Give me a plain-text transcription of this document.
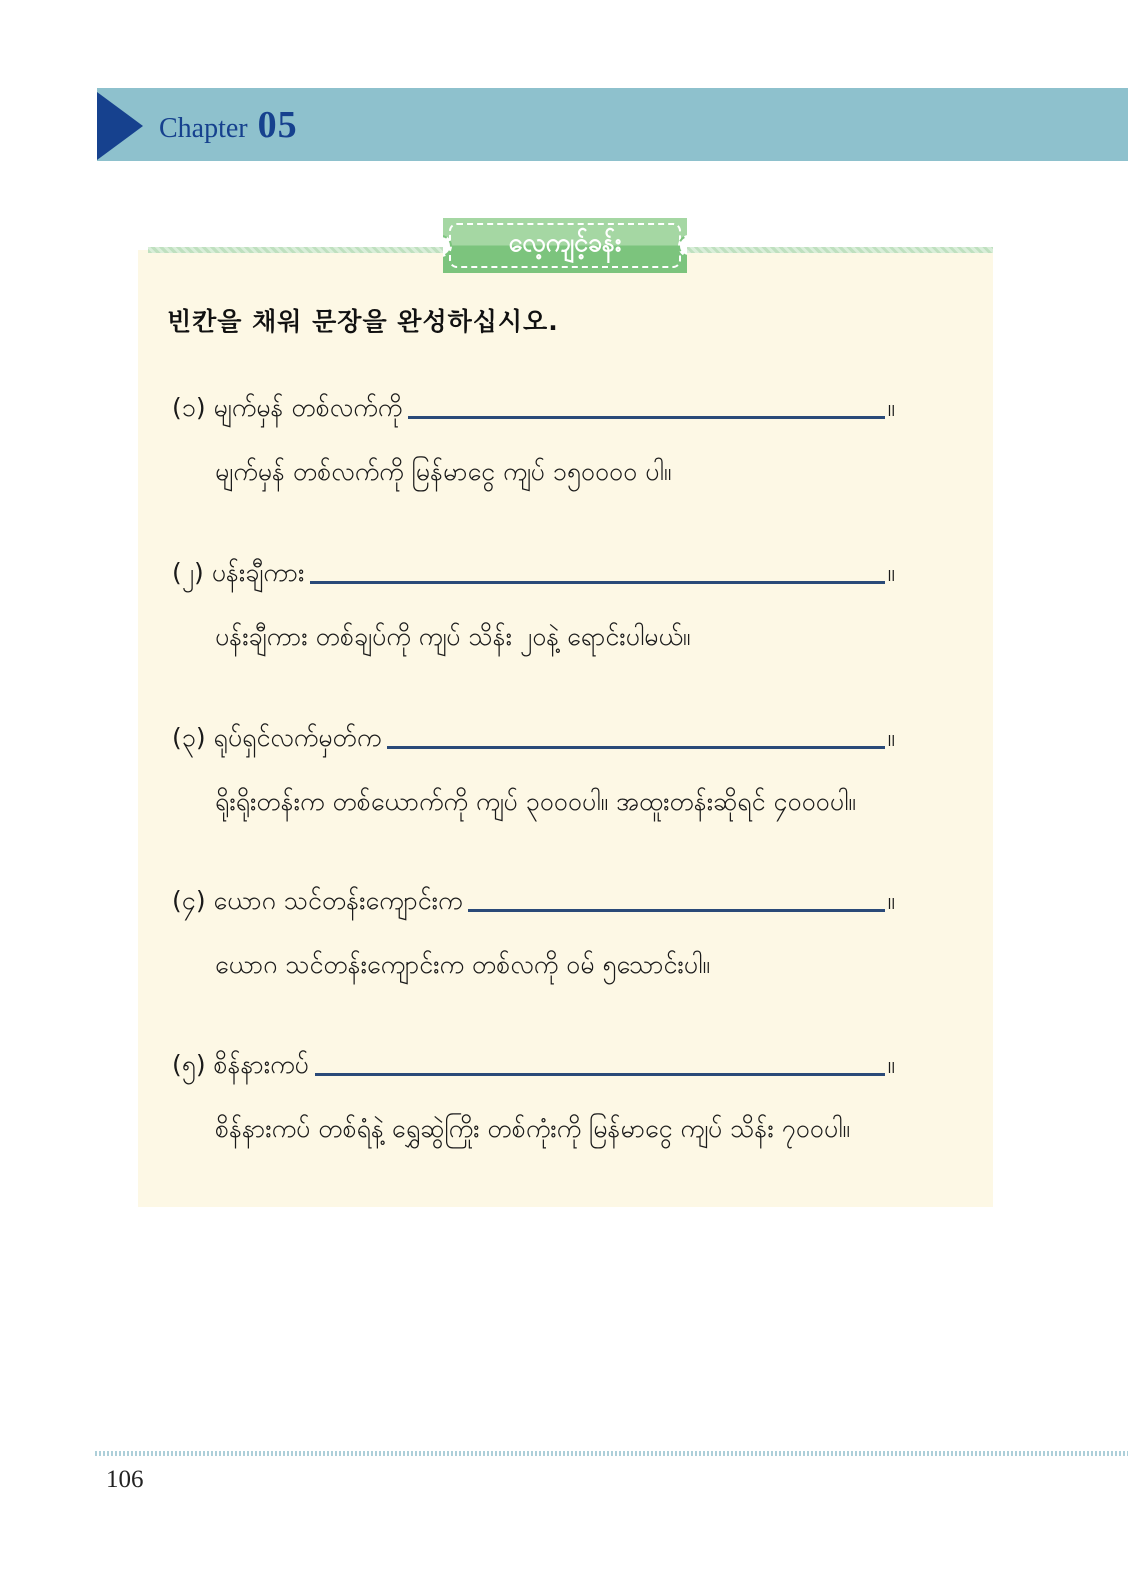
Chapter 05
လေ့ကျင့်ခန်း
빈칸을 채워 문장을 완성하십시오.
(၁) မျက်မှန် တစ်လက်ကို	။
မျက်မှန် တစ်လက်ကို မြန်မာငွေ ကျပ် ၁၅၀၀၀၀ ပါ။
(၂) ပန်းချီကား	။
ပန်းချီကား တစ်ချပ်ကို ကျပ် သိန်း ၂၀နဲ့ ရောင်းပါမယ်။
(၃) ရုပ်ရှင်လက်မှတ်က	။
ရိုးရိုးတန်းက တစ်ယောက်ကို ကျပ် ၃၀၀၀ပါ။ အထူးတန်းဆိုရင် ၄၀၀၀ပါ။
(၄) ယောဂ သင်တန်းကျောင်းက	။
ယောဂ သင်တန်းကျောင်းက တစ်လကို ဝမ် ၅သောင်းပါ။
(၅) စိန်နားကပ်	။
စိန်နားကပ် တစ်ရံနဲ့ ရွှေဆွဲကြိုး တစ်ကုံးကို မြန်မာငွေ ကျပ် သိန်း ၇၀၀ပါ။
106
